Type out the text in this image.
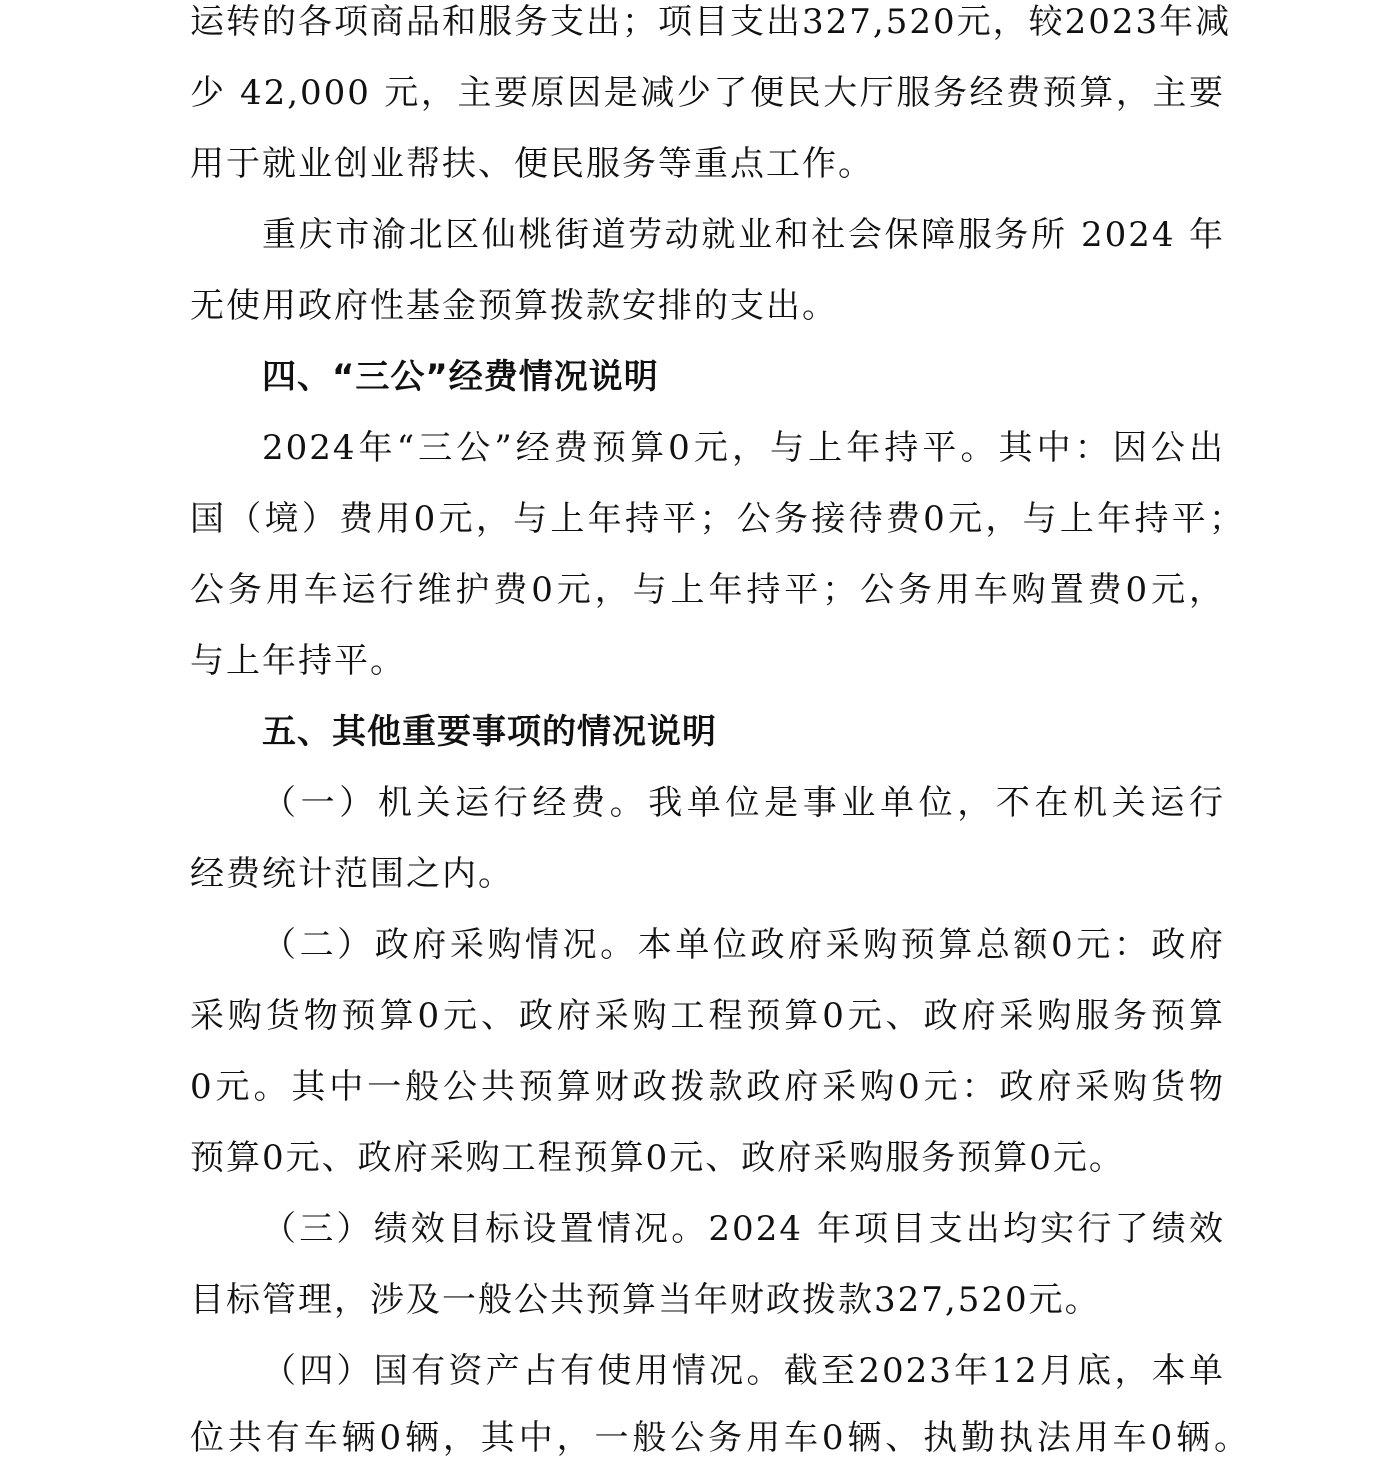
运转的各项商品和服务支出；项目支出327,520元，较2023年减
少 42,000 元，主要原因是减少了便民大厅服务经费预算，主要
用于就业创业帮扶、便民服务等重点工作。
重庆市渝北区仙桃街道劳动就业和社会保障服务所 2024 年
无使用政府性基金预算拨款安排的支出。
四、“三公”经费情况说明
2024年“三公”经费预算0元，与上年持平。其中：因公出
国（境）费用0元，与上年持平；公务接待费0元，与上年持平；
公务用车运行维护费0元，与上年持平；公务用车购置费0元，
与上年持平。
五、其他重要事项的情况说明
（一）机关运行经费。我单位是事业单位，不在机关运行
经费统计范围之内。
（二）政府采购情况。本单位政府采购预算总额0元：政府
采购货物预算0元、政府采购工程预算0元、政府采购服务预算
0元。其中一般公共预算财政拨款政府采购0元：政府采购货物
预算0元、政府采购工程预算0元、政府采购服务预算0元。
（三）绩效目标设置情况。2024 年项目支出均实行了绩效
目标管理，涉及一般公共预算当年财政拨款327,520元。
（四）国有资产占有使用情况。截至2023年12月底，本单
位共有车辆0辆，其中，一般公务用车0辆、执勤执法用车0辆。
